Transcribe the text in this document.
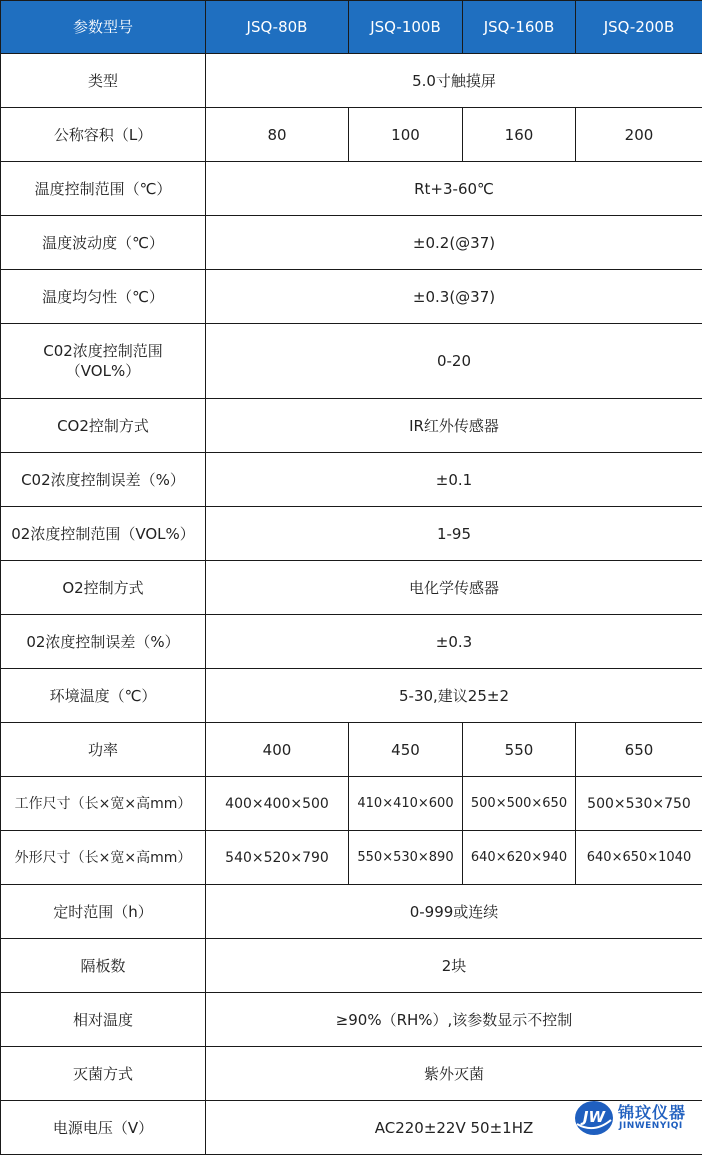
参数型号	JSQ-80B	JSQ-100B	JSQ-160B	JSQ-200B
类型	5.0寸触摸屏			
公称容积（L）	80	100	160	200
温度控制范围（℃）	Rt+3-60℃			
温度波动度（℃）	±0.2(@37)			
温度均匀性（℃）	±0.3(@37)			
C02浓度控制范围（VOL%）	0-20			
CO2控制方式	IR红外传感器			
C02浓度控制误差（%）	±0.1			
02浓度控制范围（VOL%）	1-95			
O2控制方式	电化学传感器			
02浓度控制误差（%）	±0.3			
环境温度（℃）	5-30,建议25±2			
功率	400	450	550	650
工作尺寸（长×宽×高mm）	400×400×500	410×410×600	500×500×650	500×530×750
外形尺寸（长×宽×高mm）	540×520×790	550×530×890	640×620×940	640×650×1040
定时范围（h）	0-999或连续			
隔板数	2块			
相对温度	≥90%（RH%）,该参数显示不控制			
灭菌方式	紫外灭菌			
电源电压（V）	AC220±22V 50±1HZ			
JW 锦玟仪器
JINWENYIQI
